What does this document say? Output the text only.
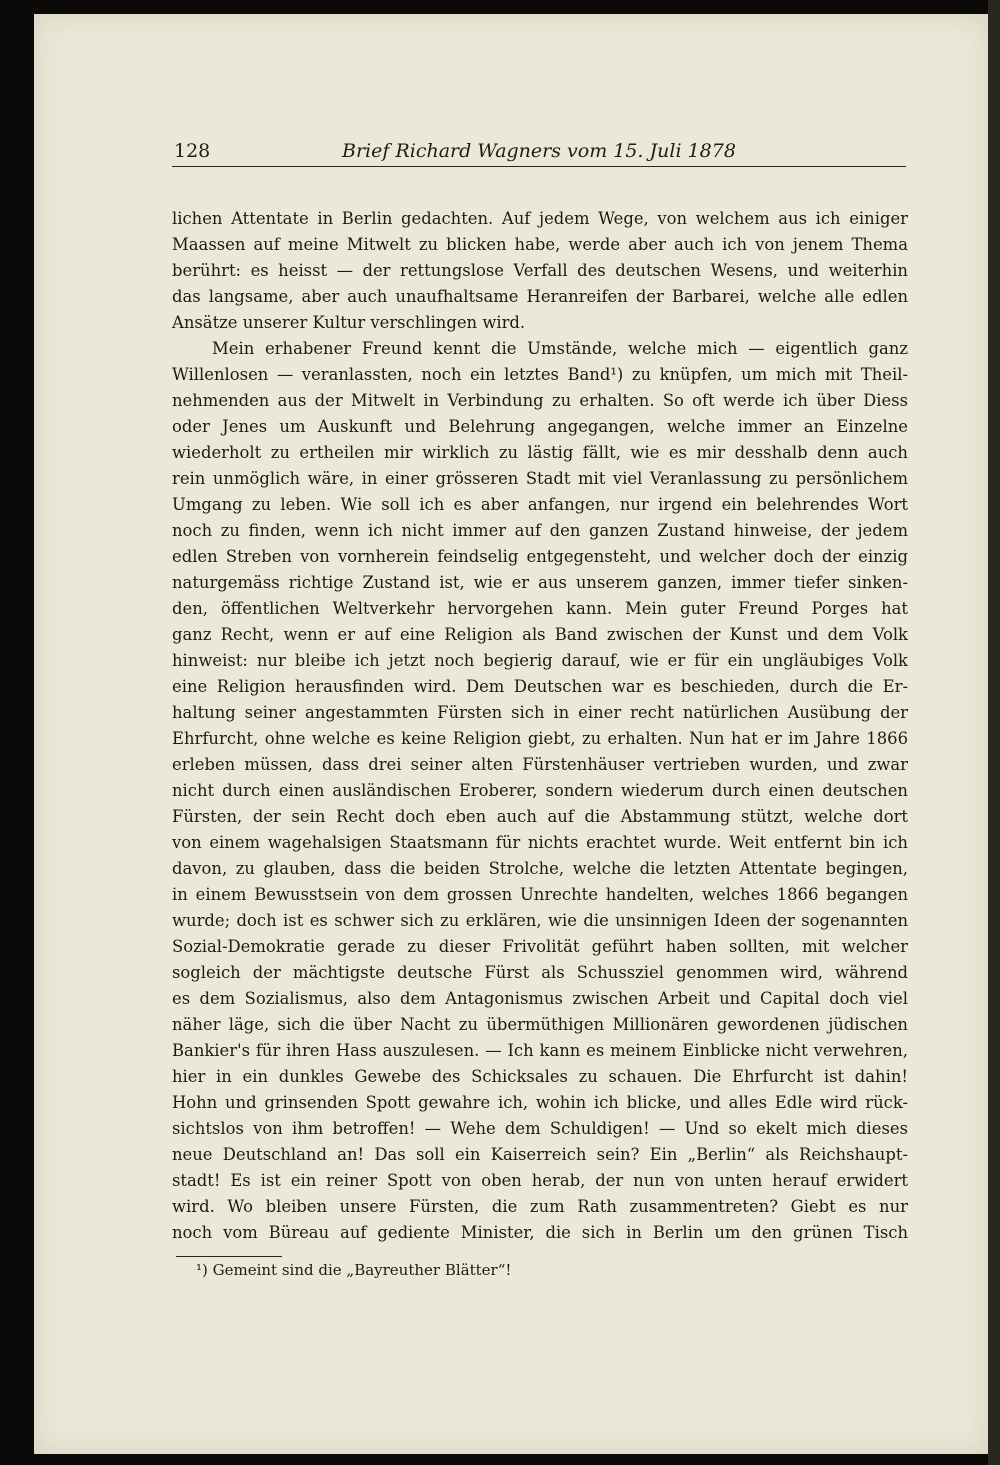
128	Brief Richard Wagners vom 15. Juli 1878
lichen Attentate in Berlin gedachten. Auf jedem Wege, von welchem aus ich einiger
Maassen auf meine Mitwelt zu blicken habe, werde aber auch ich von jenem Thema
berührt: es heisst — der rettungslose Verfall des deutschen Wesens, und weiterhin
das langsame, aber auch unaufhaltsame Heranreifen der Barbarei, welche alle edlen
Ansätze unserer Kultur verschlingen wird.
Mein erhabener Freund kennt die Umstände, welche mich — eigentlich ganz
Willenlosen — veranlassten, noch ein letztes Band¹) zu knüpfen, um mich mit Theil-
nehmenden aus der Mitwelt in Verbindung zu erhalten. So oft werde ich über Diess
oder Jenes um Auskunft und Belehrung angegangen, welche immer an Einzelne
wiederholt zu ertheilen mir wirklich zu lästig fällt, wie es mir desshalb denn auch
rein unmöglich wäre, in einer grösseren Stadt mit viel Veranlassung zu persönlichem
Umgang zu leben. Wie soll ich es aber anfangen, nur irgend ein belehrendes Wort
noch zu finden, wenn ich nicht immer auf den ganzen Zustand hinweise, der jedem
edlen Streben von vornherein feindselig entgegensteht, und welcher doch der einzig
naturgemäss richtige Zustand ist, wie er aus unserem ganzen, immer tiefer sinken-
den, öffentlichen Weltverkehr hervorgehen kann. Mein guter Freund Porges hat
ganz Recht, wenn er auf eine Religion als Band zwischen der Kunst und dem Volk
hinweist: nur bleibe ich jetzt noch begierig darauf, wie er für ein ungläubiges Volk
eine Religion herausfinden wird. Dem Deutschen war es beschieden, durch die Er-
haltung seiner angestammten Fürsten sich in einer recht natürlichen Ausübung der
Ehrfurcht, ohne welche es keine Religion giebt, zu erhalten. Nun hat er im Jahre 1866
erleben müssen, dass drei seiner alten Fürstenhäuser vertrieben wurden, und zwar
nicht durch einen ausländischen Eroberer, sondern wiederum durch einen deutschen
Fürsten, der sein Recht doch eben auch auf die Abstammung stützt, welche dort
von einem wagehalsigen Staatsmann für nichts erachtet wurde. Weit entfernt bin ich
davon, zu glauben, dass die beiden Strolche, welche die letzten Attentate begingen,
in einem Bewusstsein von dem grossen Unrechte handelten, welches 1866 begangen
wurde; doch ist es schwer sich zu erklären, wie die unsinnigen Ideen der sogenannten
Sozial-Demokratie gerade zu dieser Frivolität geführt haben sollten, mit welcher
sogleich der mächtigste deutsche Fürst als Schussziel genommen wird, während
es dem Sozialismus, also dem Antagonismus zwischen Arbeit und Capital doch viel
näher läge, sich die über Nacht zu übermüthigen Millionären gewordenen jüdischen
Bankier's für ihren Hass auszulesen. — Ich kann es meinem Einblicke nicht verwehren,
hier in ein dunkles Gewebe des Schicksales zu schauen. Die Ehrfurcht ist dahin!
Hohn und grinsenden Spott gewahre ich, wohin ich blicke, und alles Edle wird rück-
sichtslos von ihm betroffen! — Wehe dem Schuldigen! — Und so ekelt mich dieses
neue Deutschland an! Das soll ein Kaiserreich sein? Ein „Berlin“ als Reichshaupt-
stadt! Es ist ein reiner Spott von oben herab, der nun von unten herauf erwidert
wird. Wo bleiben unsere Fürsten, die zum Rath zusammentreten? Giebt es nur
noch vom Büreau auf gediente Minister, die sich in Berlin um den grünen Tisch
¹) Gemeint sind die „Bayreuther Blätter“!
